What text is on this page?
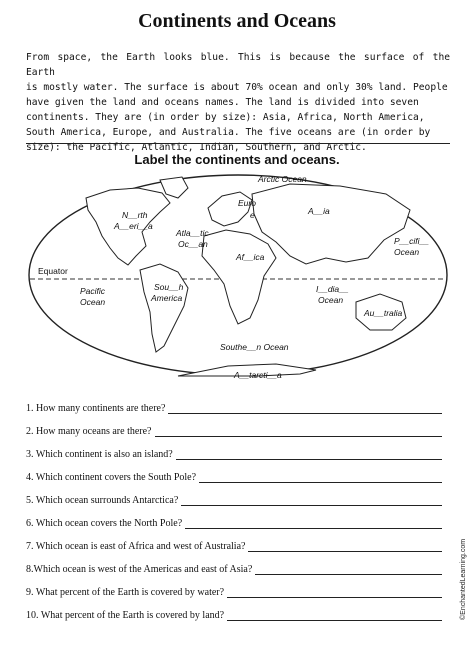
Continents and Oceans
From space, the Earth looks blue. This is because the surface of the Earth
is mostly water. The surface is about 70% ocean and only 30% land. People
have given the land and oceans names. The land is divided into seven
continents. They are (in order by size): Asia, Africa, North America,
South America, Europe, and Australia. The five oceans are (in order by
size): the Pacific, Atlantic, Indian, Southern, and Arctic.
Label the continents and oceans.
Arctic Ocean
Euro
e	A__ia
N__rth
A__eri__a
Atla__tic
Oc__an
Af__ica
P__cifi__
Ocean
Equator
Pacific
Ocean
Sou__h
America
I__dia__
Ocean
Au__tralia
Southe__n Ocean
A__tarcti__a
1. How many continents are there?
2. How many oceans are there?
3. Which continent is also an island?
4. Which continent covers the South Pole?
5. Which ocean surrounds Antarctica?
6. Which ocean covers the North Pole?
7. Which ocean is east of Africa and west of Australia?
8.Which ocean is west of the Americas and east of Asia?
9. What percent of the Earth is covered by water?
10. What percent of the Earth is covered by land?	©EnchantedLearning.com
